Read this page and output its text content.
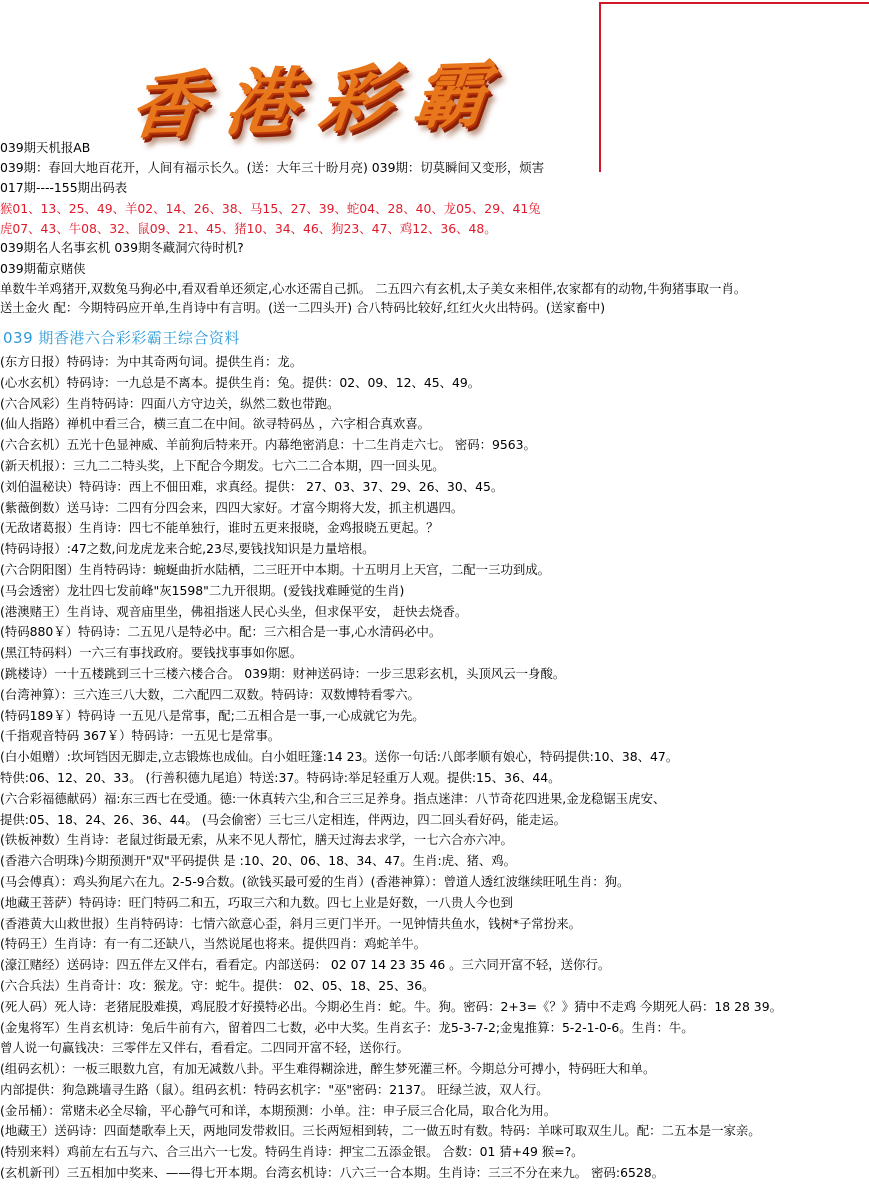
香港彩霸
039期天机报AB
039期：春回大地百花开，人间有福示长久。(送：大年三十盼月亮) 039期：切莫瞬间又变形，烦害
017期----155期出码表
猴01、13、25、49、羊02、14、26、38、马15、27、39、蛇04、28、40、龙05、29、41兔
虎07、43、牛08、32、鼠09、21、45、猪10、34、46、狗23、47、鸡12、36、48。
039期名人名事玄机 039期冬藏洞穴待时机?
039期葡京赌侠
单数牛羊鸡猪开,双数兔马狗必中,看双看单还须定,心水还需自己抓。 二五四六有玄机,太子美女来相伴,农家都有的动物,牛狗猪事取一肖。
送土金火 配：今期特码应开单,生肖诗中有言明。(送一二四头开) 合八特码比较好,红红火火出特码。(送家畜中)
039 期香港六合彩彩霸王综合资料
(东方日报）特码诗：为中其奇两句词。提供生肖：龙。
(心水玄机）特码诗：一九总是不离本。提供生肖：兔。提供：02、09、12、45、49。
(六合风彩）生肖特码诗：四面八方守边关，纵然二数也带跑。
(仙人指路）禅机中看三合，横三直二在中间。欲寻特码丛 ，六字相合真欢喜。
(六合玄机）五光十色显神威、羊前狗后特来开。内幕绝密消息：十二生肖走六七。 密码：9563。
(新天机报）：三九二二特头奖，上下配合今期发。七六二二合本期，四一回头见。
(刘伯温秘诀）特码诗：西上不佃田难，求真经。提供： 27、03、37、29、26、30、45。
(紫薇倒数）送马诗：二四有分四会来，四四大家好。才富今期将大发，抓主机遇四。
(无敌诸葛报）生肖诗：四七不能单独行，谁时五更来报晓，金鸡报晓五更起。？
(特码诗报）:47之数,问龙虎龙来合蛇,23尽,要钱找知识是力量培根。
(六合阴阳图）生肖特码诗：蜿蜒曲折水陆栖，二三旺开中本期。十五明月上天宫，二配一三功到成。
(马会透密）龙壮四七发前峰"灰1598"二九开很期。(爱钱找难睡觉的生肖)
(港澳赌王）生肖诗、观音庙里坐，佛祖指迷人民心头坐，但求保平安， 赶快去烧香。
(特码880￥）特码诗：二五见八是特必中。配：三六相合是一事,心水清码必中。
(黑江特码料）一六三有事找政府。要钱找事事如你愿。
(跳楼诗）一十五楼跳到三十三楼六楼合合。 039期：财神送码诗：一步三思彩玄机，头顶风云一身酸。
(台湾神算）：三六连三八大数，二六配四二双数。特码诗：双数博特看零六。
(特码189￥）特码诗 一五见八是常事，配;二五相合是一事,一心成就它为先。
(千指观音特码 367￥）特码诗：一五见七是常事。
(白小姐赠）:坎坷铛因无脚走,立志锻炼也成仙。白小姐旺篷:14 23。送你一句话:八郎孝顺有娘心，特码提供:10、38、47。
特供:06、12、20、33。 (行善积德九尾追）特送:37。特码诗:举足轻重万人观。提供:15、36、44。
(六合彩福德献码）福:东三西七在受通。德:一休真转六尘,和合三三足养身。指点迷津：八节奇花四进果,金龙稳锯玉虎安、
提供:05、18、24、26、36、44。 (马会偷密）三七三八定相连，伴两边，四二回头看好码，能走运。
(铁板神数）生肖诗：老鼠过街最无索，从来不见人帮忙，膳天过海去求学，一七六合亦六冲。
(香港六合明珠)今期预测开"双"平码提供 是 :10、20、06、18、34、47。生肖:虎、猪、鸡。
(马会傅真）：鸡头狗尾六在九。2-5-9合数。(欲钱买最可爱的生肖）(香港神算）：曾道人透红波继续旺吼生肖：狗。
(地藏王菩萨）特码诗：旺门特码二和五，巧取三六和九数。四七上业是好数，一八贵人今也到
(香港黄大山救世报）生肖特码诗：七情六欲意心歪，斜月三更门半开。一见钟情共鱼水，钱树*子常扮来。
(特码王）生肖诗：有一有二还缺八，当然说尾也将来。提供四肖：鸡蛇羊牛。
(濠江赌经）送码诗：四五伴左又伴右，看看定。内部送码： 02 07 14 23 35 46 。三六同开富不轻，送你行。
(六合兵法）生肖奇计：攻：猴龙。守：蛇牛。提供： 02、05、18、25、36。
(死人码）死人诗：老猪屁股难摸，鸡屁股才好摸特必出。今期必生肖：蛇。牛。狗。密码：2+3=《？》猜中不走鸡 今期死人码：18 28 39。
(金鬼将军）生肖玄机诗：兔后牛前有六，留着四二七数，必中大奖。生肖玄子：龙5-3-7-2;金鬼推算：5-2-1-0-6。生肖：牛。
曾人说一句赢钱决：三零伴左又伴右，看看定。二四同开富不轻，送你行。
(组码玄机）：一板三眼数九宫，有加无减数八卦。平生难得糊涂进，醉生梦死灌三杯。今期总分可搏小，特码旺大和单。
内部提供：狗急跳墙寻生路（鼠）。组码玄机：特码玄机字："巫"密码：2137。 旺绿兰波，双人行。
(金吊桶）：常赌未必全尽输，平心静气可和详，本期预测：小单。注：申子辰三合化局，取合化为用。
(地藏王）送码诗：四面楚歌奉上天，两地同发带救旧。三长两短相到转，二一做五时有数。特码：羊咪可取双生儿。配：二五本是一家亲。
(特别来料）鸡前左右五与六、合三出六一七发。特码生肖诗：押宝二五添金银。 合数：01 猜+49 猴=?。
(玄机新刊）三五相加中奖来、——得七开本期。台湾玄机诗：八六三一合本期。生肖诗：三三不分在来九。 密码:6528。
